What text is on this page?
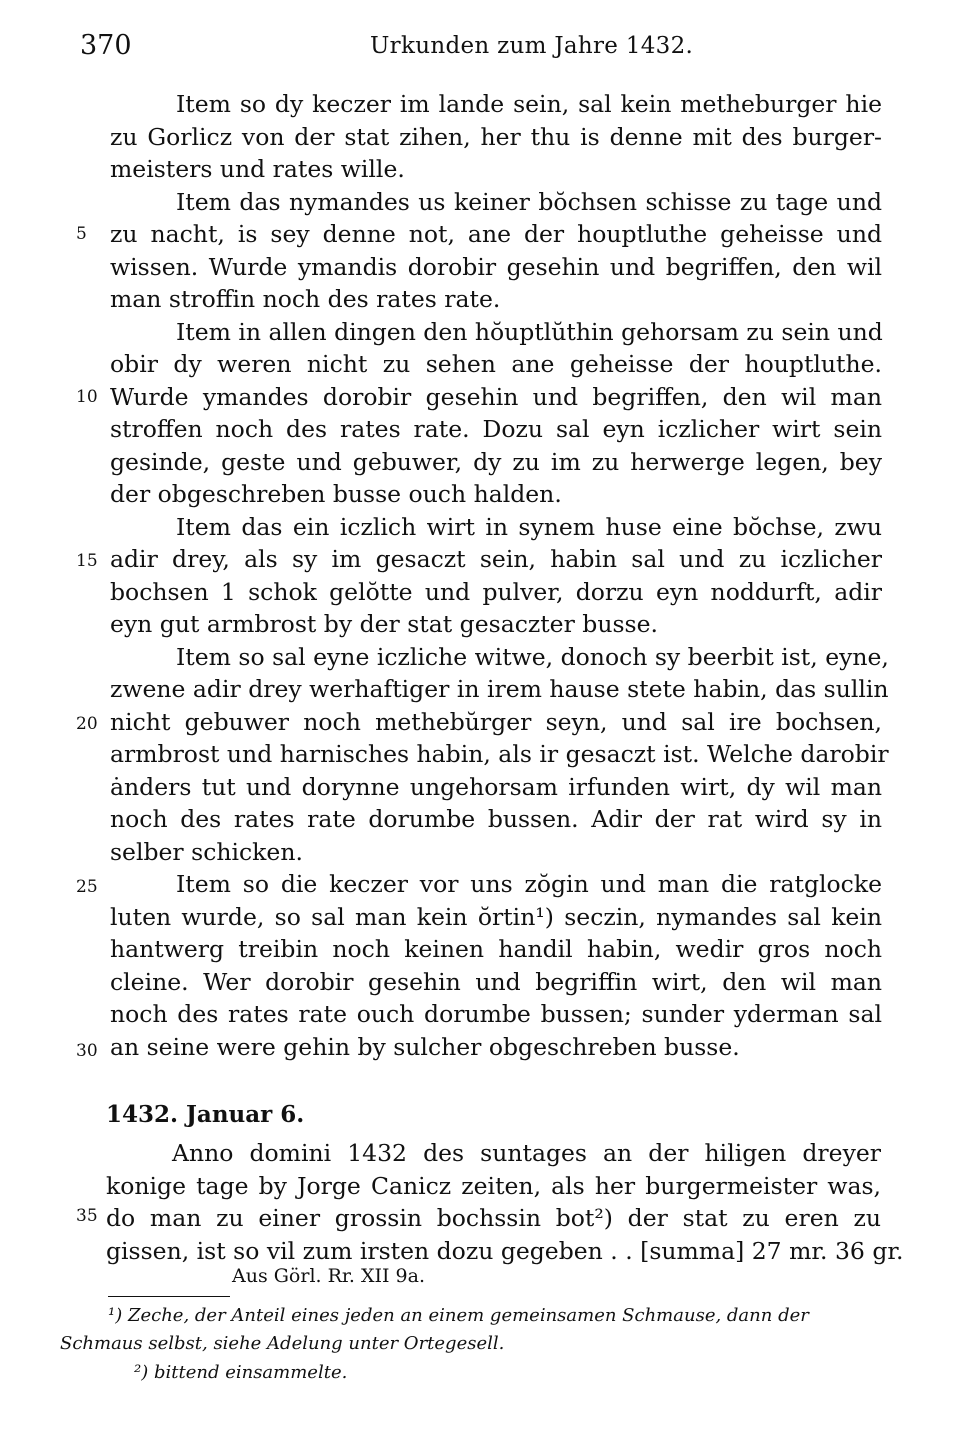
370	Urkunden zum Jahre 1432.
Item so dy keczer im lande sein, sal kein metheburger hie
zu Gorlicz von der stat zihen, her thu is denne mit des burger-
meisters und rates wille.
Item das nymandes us keiner bŏchsen schisse zu tage und
zu nacht, is sey denne not, ane der houptluthe geheisse und
wissen. Wurde ymandis dorobir gesehin und begriffen, den wil
man stroffin noch des rates rate.
Item in allen dingen den hŏuptlŭthin gehorsam zu sein und
obir dy weren nicht zu sehen ane geheisse der houptluthe.
Wurde ymandes dorobir gesehin und begriffen, den wil man
stroffen noch des rates rate. Dozu sal eyn iczlicher wirt sein
gesinde, geste und gebuwer, dy zu im zu herwerge legen, bey
der obgeschreben busse ouch halden.
Item das ein iczlich wirt in synem huse eine bŏchse, zwu
adir drey, als sy im gesaczt sein, habin sal und zu iczlicher
bochsen 1 schok gelŏtte und pulver, dorzu eyn noddurft, adir
eyn gut armbrost by der stat gesaczter busse.
Item so sal eyne iczliche witwe, donoch sy beerbit ist, eyne,
zwene adir drey werhaftiger in irem hause stete habin, das sullin
nicht gebuwer noch methebŭrger seyn, und sal ire bochsen,
armbrost und harnisches habin, als ir gesaczt ist. Welche darobir
ȧnders tut und dorynne ungehorsam irfunden wirt, dy wil man
noch des rates rate dorumbe bussen. Adir der rat wird sy in
selber schicken.
Item so die keczer vor uns zŏgin und man die ratglocke
luten wurde, so sal man kein ŏrtin¹) seczin, nymandes sal kein
hantwerg treibin noch keinen handil habin, wedir gros noch
cleine. Wer dorobir gesehin und begriffin wirt, den wil man
noch des rates rate ouch dorumbe bussen; sunder yderman sal
an seine were gehin by sulcher obgeschreben busse.
5
10
15
20
25
30
35
1432. Januar 6.
Anno domini 1432 des suntages an der hiligen dreyer
konige tage by Jorge Canicz zeiten, als her burgermeister was,
do man zu einer grossin bochssin bot²) der stat zu eren zu
gissen, ist so vil zum irsten dozu gegeben . . [summa] 27 mr. 36 gr.
Aus Görl. Rr. XII 9a.
¹) Zeche, der Anteil eines jeden an einem gemeinsamen Schmause, dann der
Schmaus selbst, siehe Adelung unter Ortegesell.
²) bittend einsammelte.
